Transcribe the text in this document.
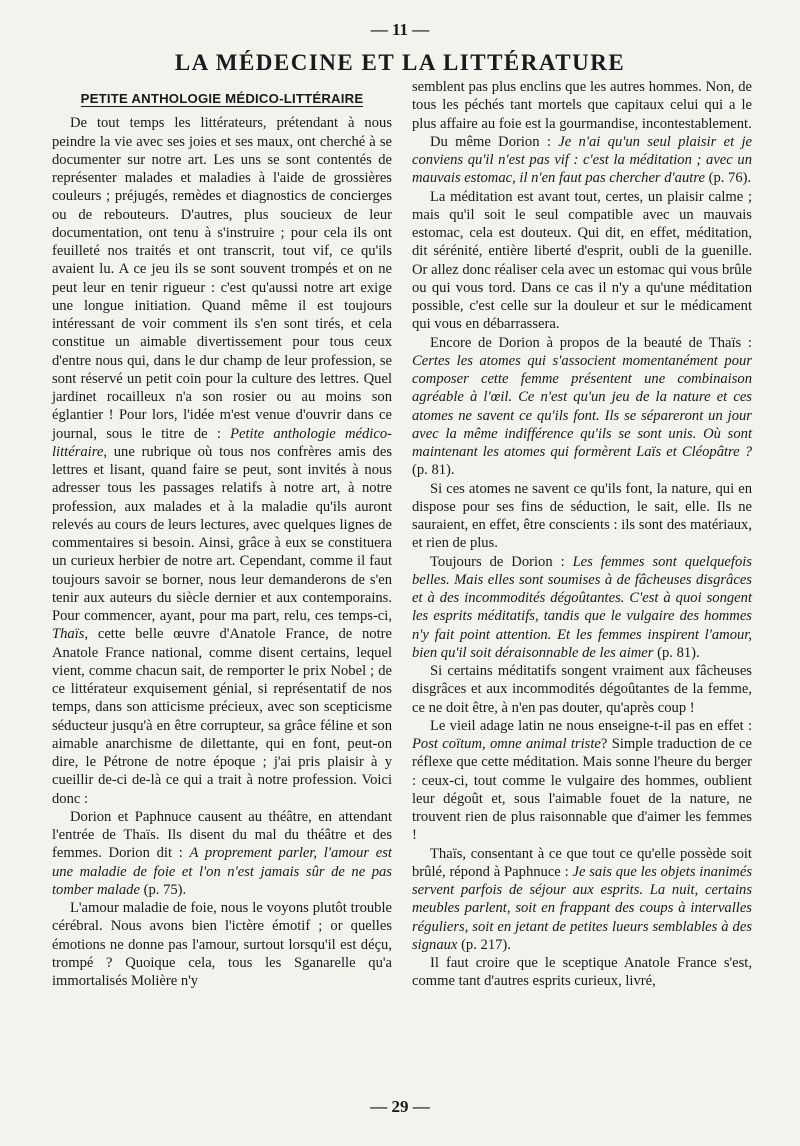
— 11 —
LA MÉDECINE ET LA LITTÉRATURE
PETITE ANTHOLOGIE MÉDICO-LITTÉRAIRE

De tout temps les littérateurs, prétendant à nous peindre la vie avec ses joies et ses maux, ont cherché à se documenter sur notre art. Les uns se sont contentés de représenter malades et maladies à l'aide de grossières couleurs ; préjugés, remèdes et diagnostics de concierges ou de rebouteurs. D'autres, plus soucieux de leur documentation, ont tenu à s'instruire ; pour cela ils ont feuilleté nos traités et ont transcrit, tout vif, ce qu'ils avaient lu. A ce jeu ils se sont souvent trompés et on ne peut leur en tenir rigueur : c'est qu'aussi notre art exige une longue initiation. Quand même il est toujours intéressant de voir comment ils s'en sont tirés, et cela constitue un aimable divertissement pour tous ceux d'entre nous qui, dans le dur champ de leur profession, se sont réservé un petit coin pour la culture des lettres. Quel jardinet rocailleux n'a son rosier ou au moins son églantier ! Pour lors, l'idée m'est venue d'ouvrir dans ce journal, sous le titre de : Petite anthologie médico-littéraire, une rubrique où tous nos confrères amis des lettres et lisant, quand faire se peut, sont invités à nous adresser tous les passages relatifs à notre art, à notre profession, aux malades et à la maladie qu'ils auront relevés au cours de leurs lectures, avec quelques lignes de commentaires si besoin. Ainsi, grâce à eux se constituera un curieux herbier de notre art. Cependant, comme il faut toujours savoir se borner, nous leur demanderons de s'en tenir aux auteurs du siècle dernier et aux contemporains. Pour commencer, ayant, pour ma part, relu, ces temps-ci, Thaïs, cette belle œuvre d'Anatole France, de notre Anatole France national, comme disent certains, lequel vient, comme chacun sait, de remporter le prix Nobel ; de ce littérateur exquisement génial, si représentatif de nos temps, dans son atticisme précieux, avec son scepticisme séducteur jusqu'à en être corrupteur, sa grâce féline et son aimable anarchisme de dilettante, qui en font, peut-on dire, le Pétrone de notre époque ; j'ai pris plaisir à y cueillir de-ci de-là ce qui a trait à notre profession. Voici donc :

Dorion et Paphnuce causent au théâtre, en attendant l'entrée de Thaïs. Ils disent du mal du théâtre et des femmes. Dorion dit : A proprement parler, l'amour est une maladie de foie et l'on n'est jamais sûr de ne pas tomber malade (p. 75).

L'amour maladie de foie, nous le voyons plutôt trouble cérébral. Nous avons bien l'ictère émotif ; or quelles émotions ne donne pas l'amour, surtout lorsqu'il est déçu, trompé ? Quoique cela, tous les Sganarelle qu'a immortalisés Molière n'y

semblent pas plus enclins que les autres hommes. Non, de tous les péchés tant mortels que capitaux celui qui a le plus affaire au foie est la gourmandise, incontestablement.

Du même Dorion : Je n'ai qu'un seul plaisir et je conviens qu'il n'est pas vif : c'est la méditation ; avec un mauvais estomac, il n'en faut pas chercher d'autre (p. 76).

La méditation est avant tout, certes, un plaisir calme ; mais qu'il soit le seul compatible avec un mauvais estomac, cela est douteux. Qui dit, en effet, méditation, dit sérénité, entière liberté d'esprit, oubli de la guenille. Or allez donc réaliser cela avec un estomac qui vous brûle ou qui vous tord. Dans ce cas il n'y a qu'une méditation possible, c'est celle sur la douleur et sur le médicament qui vous en débarrassera.

Encore de Dorion à propos de la beauté de Thaïs : Certes les atomes qui s'associent momentanément pour composer cette femme présentent une combinaison agréable à l'œil. Ce n'est qu'un jeu de la nature et ces atomes ne savent ce qu'ils font. Ils se sépareront un jour avec la même indifférence qu'ils se sont unis. Où sont maintenant les atomes qui formèrent Laïs et Cléopâtre ? (p. 81).

Si ces atomes ne savent ce qu'ils font, la nature, qui en dispose pour ses fins de séduction, le sait, elle. Ils ne sauraient, en effet, être conscients : ils sont des matériaux, et rien de plus.

Toujours de Dorion : Les femmes sont quelquefois belles. Mais elles sont soumises à de fâcheuses disgrâces et à des incommodités dégoûtantes. C'est à quoi songent les esprits méditatifs, tandis que le vulgaire des hommes n'y fait point attention. Et les femmes inspirent l'amour, bien qu'il soit déraisonnable de les aimer (p. 81).

Si certains méditatifs songent vraiment aux fâcheuses disgrâces et aux incommodités dégoûtantes de la femme, ce ne doit être, à n'en pas douter, qu'après coup !

Le vieil adage latin ne nous enseigne-t-il pas en effet : Post coïtum, omne animal triste? Simple traduction de ce réflexe que cette méditation. Mais sonne l'heure du berger : ceux-ci, tout comme le vulgaire des hommes, oublient leur dégoût et, sous l'aimable fouet de la nature, ne trouvent rien de plus raisonnable que d'aimer les femmes !

Thaïs, consentant à ce que tout ce qu'elle possède soit brûlé, répond à Paphnuce : Je sais que les objets inanimés servent parfois de séjour aux esprits. La nuit, certains meubles parlent, soit en frappant des coups à intervalles réguliers, soit en jetant de petites lueurs semblables à des signaux (p. 217).

Il faut croire que le sceptique Anatole France s'est, comme tant d'autres esprits curieux, livré,

— 29 —
